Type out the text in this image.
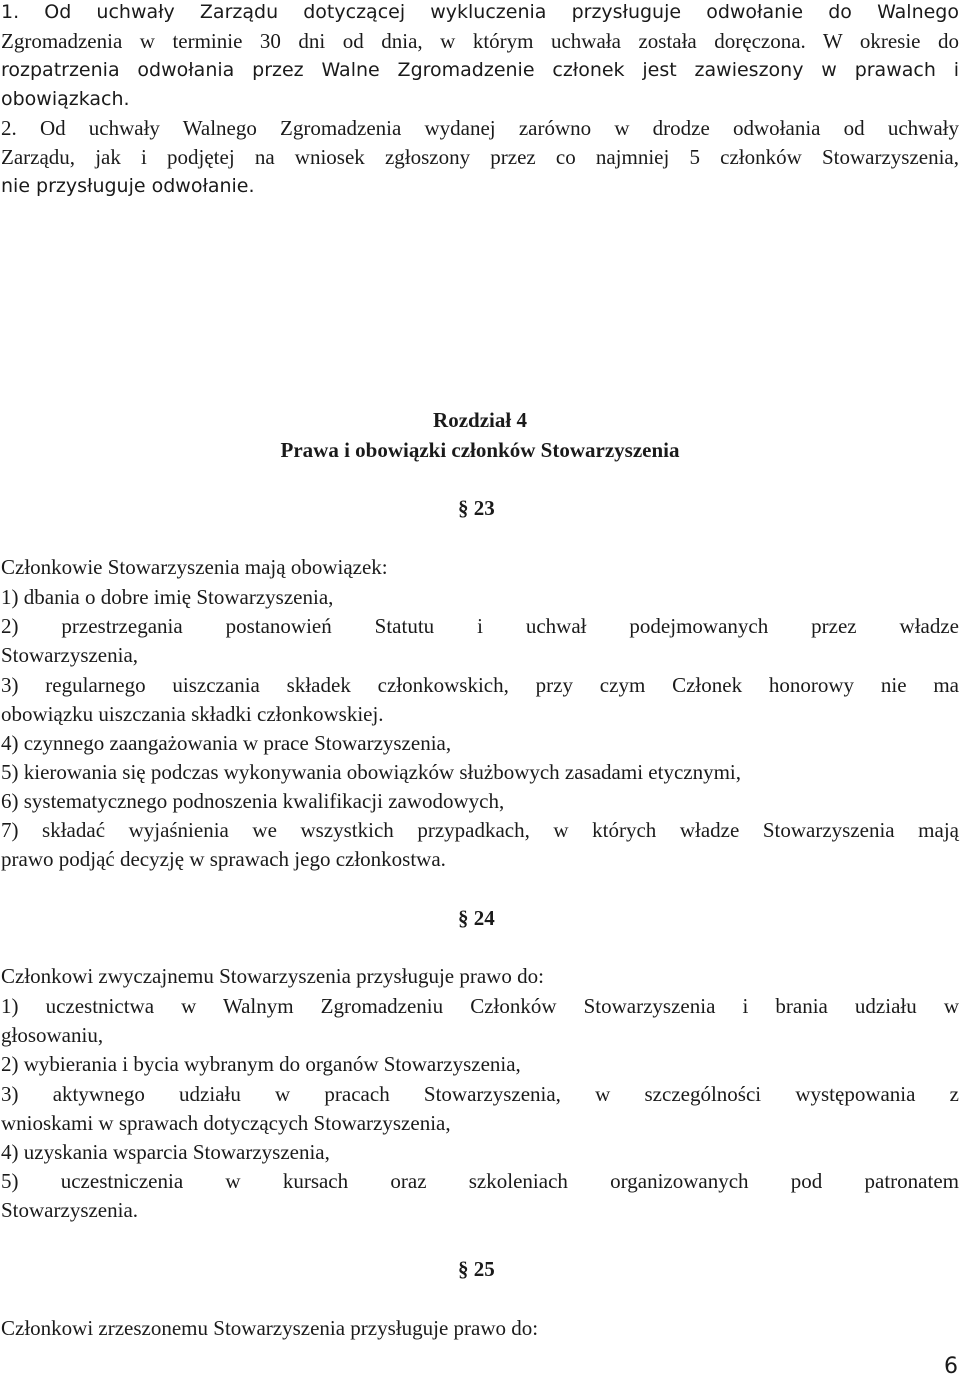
1. Od uchwały Zarządu dotyczącej wykluczenia przysługuje odwołanie do Walnego
Zgromadzenia w terminie 30 dni od dnia, w którym uchwała została doręczona. W okresie do
rozpatrzenia odwołania przez Walne Zgromadzenie członek jest zawieszony w prawach i
obowiązkach.
2. Od uchwały Walnego Zgromadzenia wydanej zarówno w drodze odwołania od uchwały
Zarządu, jak i podjętej na wniosek zgłoszony przez co najmniej 5 członków Stowarzyszenia,
nie przysługuje odwołanie.
Rozdział 4
Prawa i obowiązki członków Stowarzyszenia
§ 23
Członkowie Stowarzyszenia mają obowiązek:
1) dbania o dobre imię Stowarzyszenia,
2) przestrzegania postanowień Statutu i uchwał podejmowanych przez władze
Stowarzyszenia,
3) regularnego uiszczania składek członkowskich, przy czym Członek honorowy nie ma
obowiązku uiszczania składki członkowskiej.
4) czynnego zaangażowania w prace Stowarzyszenia,
5) kierowania się podczas wykonywania obowiązków służbowych zasadami etycznymi,
6) systematycznego podnoszenia kwalifikacji zawodowych,
7) składać wyjaśnienia we wszystkich przypadkach, w których władze Stowarzyszenia mają
prawo podjąć decyzję w sprawach jego członkostwa.
§ 24
Członkowi zwyczajnemu Stowarzyszenia przysługuje prawo do:
1) uczestnictwa w Walnym Zgromadzeniu Członków Stowarzyszenia i brania udziału w
głosowaniu,
2) wybierania i bycia wybranym do organów Stowarzyszenia,
3) aktywnego udziału w pracach Stowarzyszenia, w szczególności występowania z
wnioskami w sprawach dotyczących Stowarzyszenia,
4) uzyskania wsparcia Stowarzyszenia,
5) uczestniczenia w kursach oraz szkoleniach organizowanych pod patronatem
Stowarzyszenia.
§ 25
Członkowi zrzeszonemu Stowarzyszenia przysługuje prawo do:
6
